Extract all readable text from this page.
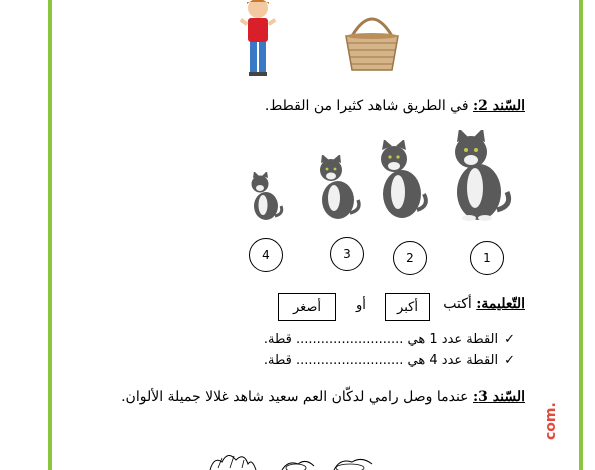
السّند 2: في الطريق شاهد كثيرا من القطط.
1
2
3
4
التّعليمة: أكتب
أكبر
أو
أصغر
✓القطة عدد 1 هي .......................... قطة.
✓القطة عدد 4 هي .......................... قطة.
السّند 3: عندما وصل رامي لدكّان العم سعيد شاهد غلالا جميلة الألوان.
com.
